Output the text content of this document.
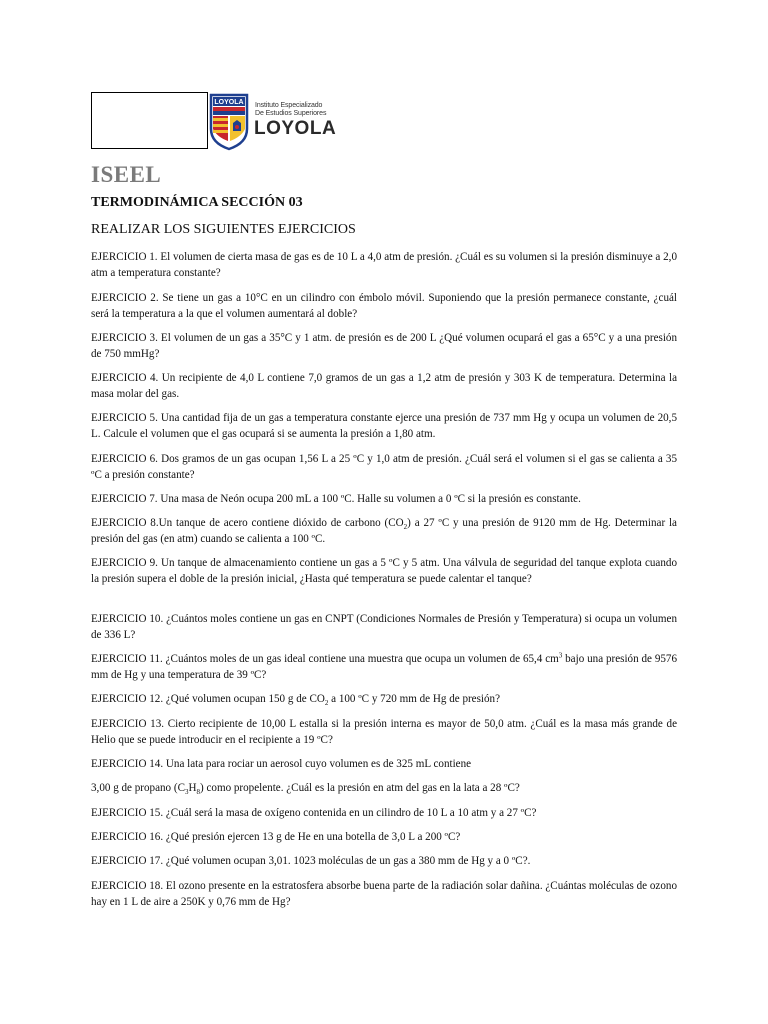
LOYOLA Instituto Especializado
De Estudios Superiores
LOYOLA
ISEEL
TERMODINÁMICA SECCIÓN 03
REALIZAR LOS SIGUIENTES EJERCICIOS

EJERCICIO 1. El volumen de cierta masa de gas es de 10 L a 4,0 atm de presión. ¿Cuál es su volumen si la presión disminuye a 2,0 atm a temperatura constante?

EJERCICIO 2. Se tiene un gas a 10°C en un cilindro con émbolo móvil. Suponiendo que la presión permanece constante, ¿cuál será la temperatura a la que el volumen aumentará al doble?

EJERCICIO 3. El volumen de un gas a 35°C y 1 atm. de presión es de 200 L ¿Qué volumen ocupará el gas a 65°C y a una presión de 750 mmHg?

EJERCICIO 4. Un recipiente de 4,0 L contiene 7,0 gramos de un gas a 1,2 atm de presión y 303 K de temperatura. Determina la masa molar del gas.

EJERCICIO 5. Una cantidad fija de un gas a temperatura constante ejerce una presión de 737 mm Hg y ocupa un volumen de 20,5 L. Calcule el volumen que el gas ocupará si se aumenta la presión a 1,80 atm.

EJERCICIO 6. Dos gramos de un gas ocupan 1,56 L a 25 ºC y 1,0 atm de presión. ¿Cuál será el volumen si el gas se calienta a 35 ºC a presión constante?

EJERCICIO 7. Una masa de Neón ocupa 200 mL a 100 ºC. Halle su volumen a 0 ºC si la presión es constante.

EJERCICIO 8.Un tanque de acero contiene dióxido de carbono $(CO_2)$ a 27 ºC y una presión de 9120 mm de Hg. Determinar la presión del gas (en atm) cuando se calienta a 100 ºC.

EJERCICIO 9. Un tanque de almacenamiento contiene un gas a 5 ºC y 5 atm. Una válvula de seguridad del tanque explota cuando la presión supera el doble de la presión inicial, ¿Hasta qué temperatura se puede calentar el tanque?

EJERCICIO 10. ¿Cuántos moles contiene un gas en CNPT (Condiciones Normales de Presión y Temperatura) si ocupa un volumen de 336 L?

EJERCICIO 11. ¿Cuántos moles de un gas ideal contiene una muestra que ocupa un volumen de 65,4 $cm^3$ bajo una presión de 9576 mm de Hg y una temperatura de 39 ºC?

EJERCICIO 12. ¿Qué volumen ocupan 150 g de $CO_2$ a 100 ºC y 720 mm de Hg de presión?

EJERCICIO 13. Cierto recipiente de 10,00 L estalla si la presión interna es mayor de 50,0 atm. ¿Cuál es la masa más grande de Helio que se puede introducir en el recipiente a 19 ºC?

EJERCICIO 14. Una lata para rociar un aerosol cuyo volumen es de 325 mL contiene

3,00 g de propano $(C_3H_8)$ como propelente. ¿Cuál es la presión en atm del gas en la lata a 28 ºC?

EJERCICIO 15. ¿Cuál será la masa de oxígeno contenida en un cilindro de 10 L a 10 atm y a 27 ºC?

EJERCICIO 16. ¿Qué presión ejercen 13 g de He en una botella de 3,0 L a 200 ºC?

EJERCICIO 17. ¿Qué volumen ocupan 3,01. 1023 moléculas de un gas a 380 mm de Hg y a 0 ºC?.

EJERCICIO 18. El ozono presente en la estratosfera absorbe buena parte de la radiación solar dañina. ¿Cuántas moléculas de ozono hay en 1 L de aire a 250K y 0,76 mm de Hg?
